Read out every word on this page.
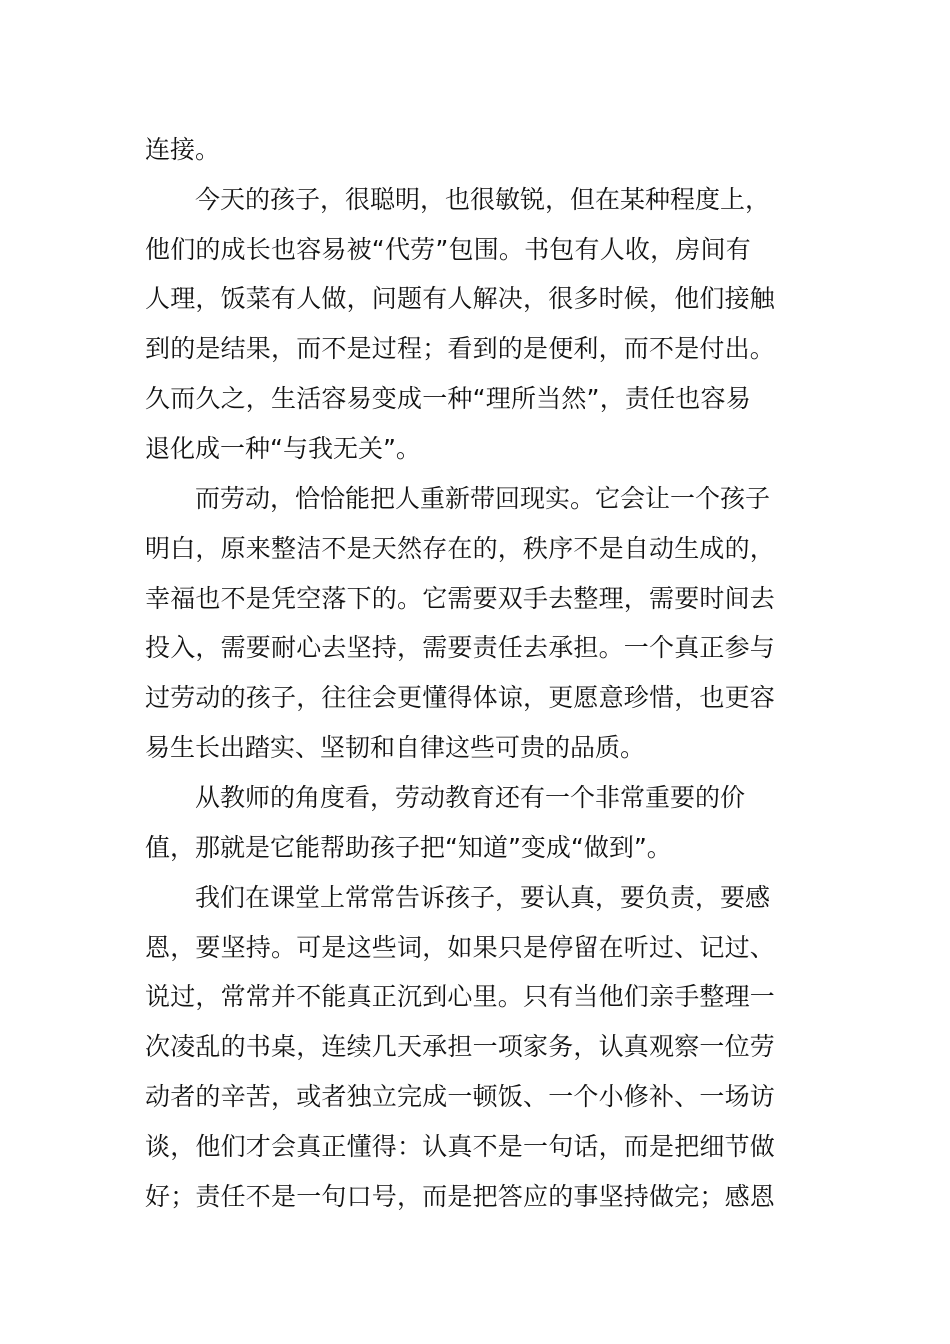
连接。
今天的孩子，很聪明，也很敏锐，但在某种程度上，
他们的成长也容易被“代劳”包围。书包有人收，房间有
人理，饭菜有人做，问题有人解决，很多时候，他们接触
到的是结果，而不是过程；看到的是便利，而不是付出。
久而久之，生活容易变成一种“理所当然”，责任也容易
退化成一种“与我无关”。
而劳动，恰恰能把人重新带回现实。它会让一个孩子
明白，原来整洁不是天然存在的，秩序不是自动生成的，
幸福也不是凭空落下的。它需要双手去整理，需要时间去
投入，需要耐心去坚持，需要责任去承担。一个真正参与
过劳动的孩子，往往会更懂得体谅，更愿意珍惜，也更容
易生长出踏实、坚韧和自律这些可贵的品质。
从教师的角度看，劳动教育还有一个非常重要的价
值，那就是它能帮助孩子把“知道”变成“做到”。
我们在课堂上常常告诉孩子，要认真，要负责，要感
恩，要坚持。可是这些词，如果只是停留在听过、记过、
说过，常常并不能真正沉到心里。只有当他们亲手整理一
次凌乱的书桌，连续几天承担一项家务，认真观察一位劳
动者的辛苦，或者独立完成一顿饭、一个小修补、一场访
谈，他们才会真正懂得：认真不是一句话，而是把细节做
好；责任不是一句口号，而是把答应的事坚持做完；感恩
